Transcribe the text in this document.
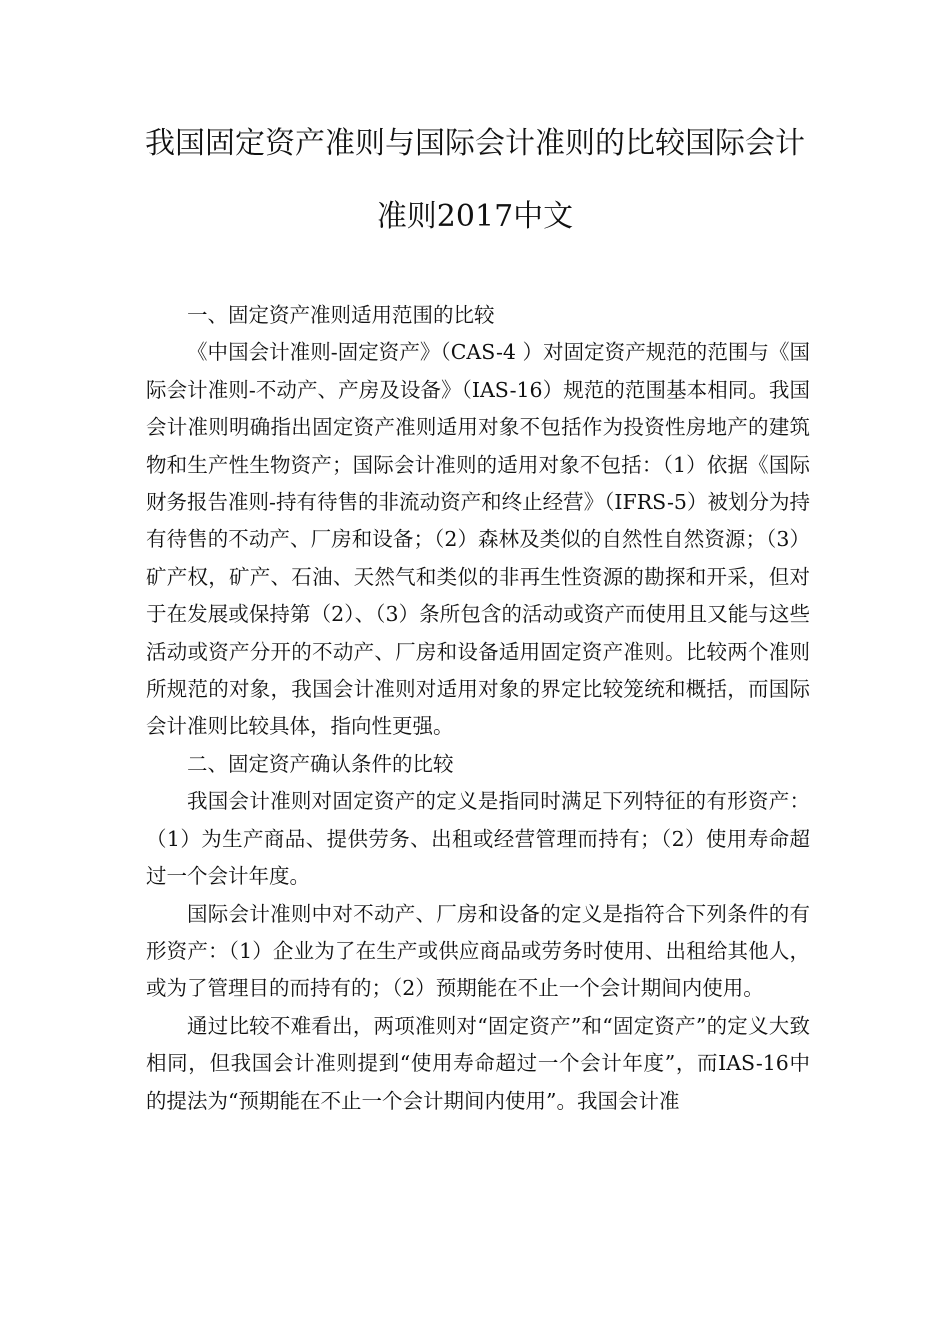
我国固定资产准则与国际会计准则的比较国际会计
准则2017中文

一、固定资产准则适用范围的比较

《中国会计准则-固定资产》（CAS-4 ）对固定资产规范的范围与《国际会计准则-不动产、产房及设备》（IAS-16）规范的范围基本相同。我国会计准则明确指出固定资产准则适用对象不包括作为投资性房地产的建筑物和生产性生物资产；国际会计准则的适用对象不包括：（1）依据《国际财务报告准则-持有待售的非流动资产和终止经营》（IFRS-5）被划分为持有待售的不动产、厂房和设备；（2）森林及类似的自然性自然资源；（3）矿产权，矿产、石油、天然气和类似的非再生性资源的勘探和开采，但对于在发展或保持第（2）、（3）条所包含的活动或资产而使用且又能与这些活动或资产分开的不动产、厂房和设备适用固定资产准则。比较两个准则所规范的对象，我国会计准则对适用对象的界定比较笼统和概括，而国际会计准则比较具体，指向性更强。

二、固定资产确认条件的比较

我国会计准则对固定资产的定义是指同时满足下列特征的有形资产：（1）为生产商品、提供劳务、出租或经营管理而持有；（2）使用寿命超过一个会计年度。

国际会计准则中对不动产、厂房和设备的定义是指符合下列条件的有形资产：（1）企业为了在生产或供应商品或劳务时使用、出租给其他人，或为了管理目的而持有的；（2）预期能在不止一个会计期间内使用。

通过比较不难看出，两项准则对“固定资产”和“固定资产”的定义大致相同，但我国会计准则提到“使用寿命超过一个会计年度”，而IAS-16中的提法为“预期能在不止一个会计期间内使用”。我国会计准
